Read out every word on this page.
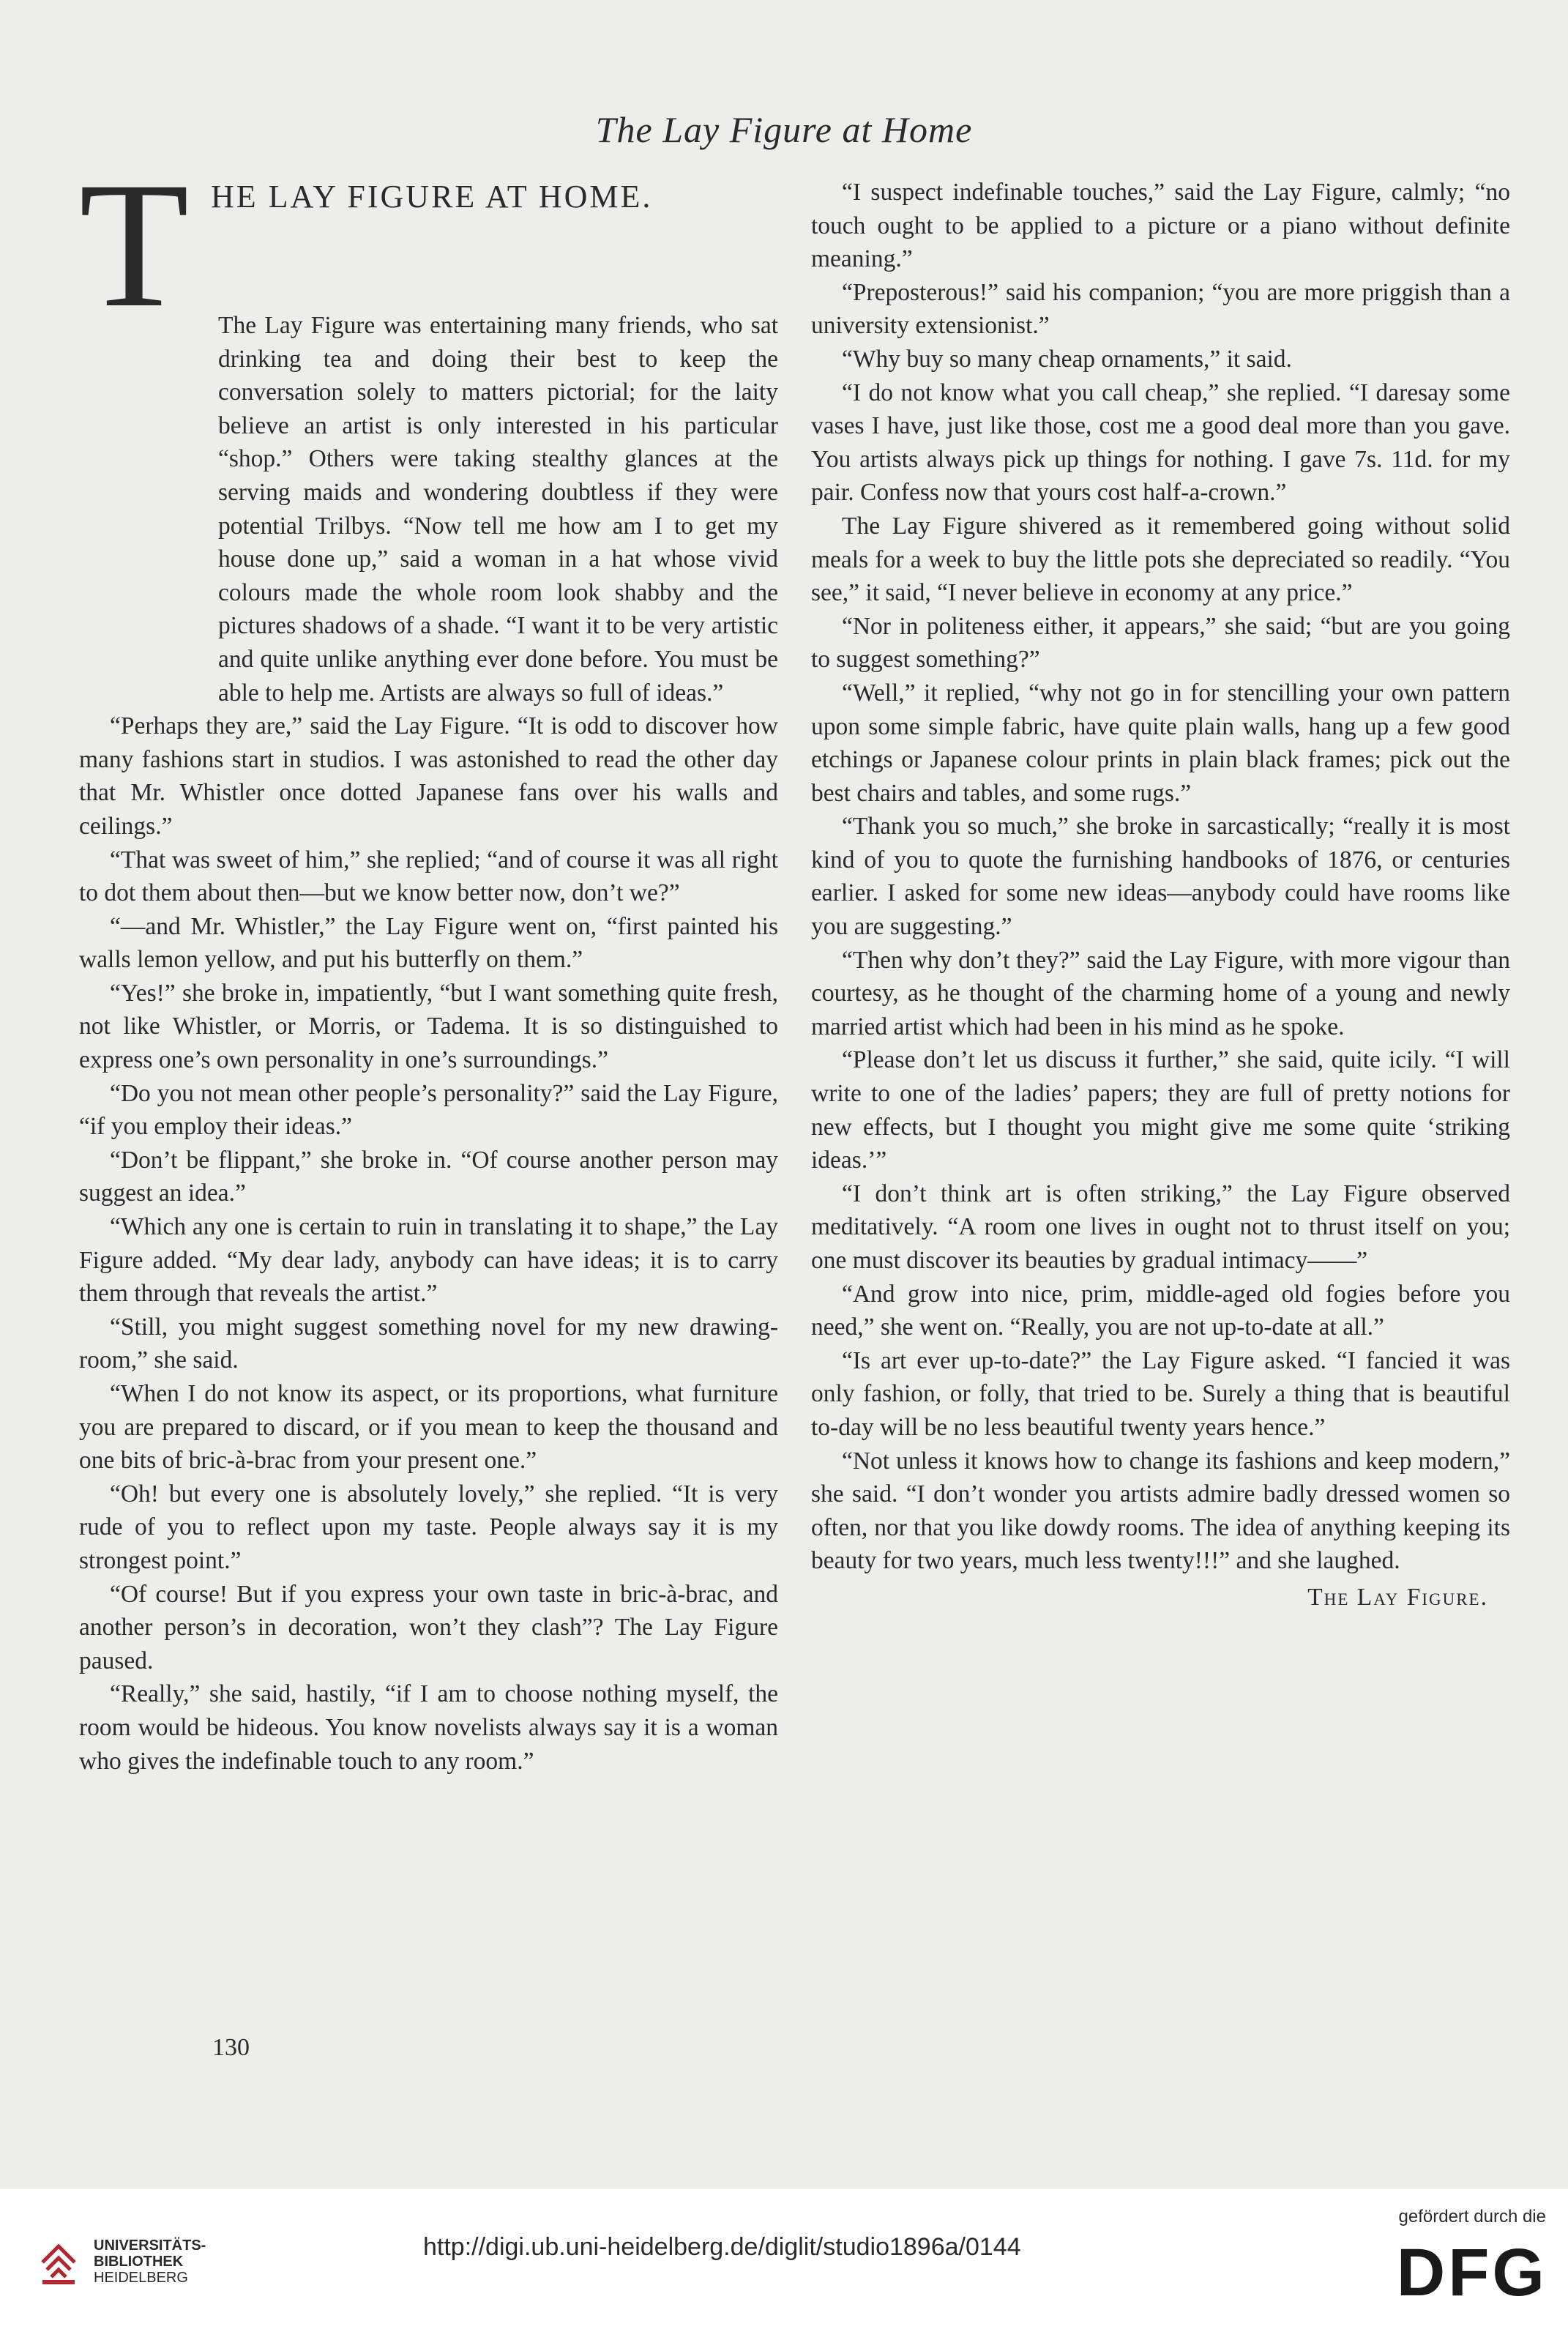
The Lay Figure at Home
T HE LAY FIGURE AT HOME.

The Lay Figure was entertaining many friends, who sat drinking tea and doing their best to keep the conversation solely to matters pictorial; for the laity believe an artist is only interested in his particular “shop.” Others were taking stealthy glances at the serving maids and wondering doubtless if they were potential Trilbys. “Now tell me how am I to get my house done up,” said a woman in a hat whose vivid colours made the whole room look shabby and the pictures shadows of a shade. “I want it to be very artistic and quite unlike anything ever done before. You must be able to help me. Artists are always so full of ideas.”

“Perhaps they are,” said the Lay Figure. “It is odd to discover how many fashions start in studios. I was astonished to read the other day that Mr. Whistler once dotted Japanese fans over his walls and ceilings.”

“That was sweet of him,” she replied; “and of course it was all right to dot them about then—but we know better now, don’t we?”

“—and Mr. Whistler,” the Lay Figure went on, “first painted his walls lemon yellow, and put his butterfly on them.”

“Yes!” she broke in, impatiently, “but I want something quite fresh, not like Whistler, or Morris, or Tadema. It is so distinguished to express one’s own personality in one’s surroundings.”

“Do you not mean other people’s personality?” said the Lay Figure, “if you employ their ideas.”

“Don’t be flippant,” she broke in. “Of course another person may suggest an idea.”

“Which any one is certain to ruin in translating it to shape,” the Lay Figure added. “My dear lady, anybody can have ideas; it is to carry them through that reveals the artist.”

“Still, you might suggest something novel for my new drawing-room,” she said.

“When I do not know its aspect, or its proportions, what furniture you are prepared to discard, or if you mean to keep the thousand and one bits of bric-à-brac from your present one.”

“Oh! but every one is absolutely lovely,” she replied. “It is very rude of you to reflect upon my taste. People always say it is my strongest point.”

“Of course! But if you express your own taste in bric-à-brac, and another person’s in decoration, won’t they clash”? The Lay Figure paused.

“Really,” she said, hastily, “if I am to choose nothing myself, the room would be hideous. You know novelists always say it is a woman who gives the indefinable touch to any room.”

“I suspect indefinable touches,” said the Lay Figure, calmly; “no touch ought to be applied to a picture or a piano without definite meaning.”

“Preposterous!” said his companion; “you are more priggish than a university extensionist.”

“Why buy so many cheap ornaments,” it said.

“I do not know what you call cheap,” she replied. “I daresay some vases I have, just like those, cost me a good deal more than you gave. You artists always pick up things for nothing. I gave 7s. 11d. for my pair. Confess now that yours cost half-a-crown.”

The Lay Figure shivered as it remembered going without solid meals for a week to buy the little pots she depreciated so readily. “You see,” it said, “I never believe in economy at any price.”

“Nor in politeness either, it appears,” she said; “but are you going to suggest something?”

“Well,” it replied, “why not go in for stencilling your own pattern upon some simple fabric, have quite plain walls, hang up a few good etchings or Japanese colour prints in plain black frames; pick out the best chairs and tables, and some rugs.”

“Thank you so much,” she broke in sarcastically; “really it is most kind of you to quote the furnishing handbooks of 1876, or centuries earlier. I asked for some new ideas—anybody could have rooms like you are suggesting.”

“Then why don’t they?” said the Lay Figure, with more vigour than courtesy, as he thought of the charming home of a young and newly married artist which had been in his mind as he spoke.

“Please don’t let us discuss it further,” she said, quite icily. “I will write to one of the ladies’ papers; they are full of pretty notions for new effects, but I thought you might give me some quite ‘striking ideas.’”

“I don’t think art is often striking,” the Lay Figure observed meditatively. “A room one lives in ought not to thrust itself on you; one must discover its beauties by gradual intimacy——”

“And grow into nice, prim, middle-aged old fogies before you need,” she went on. “Really, you are not up-to-date at all.”

“Is art ever up-to-date?” the Lay Figure asked. “I fancied it was only fashion, or folly, that tried to be. Surely a thing that is beautiful to-day will be no less beautiful twenty years hence.”

“Not unless it knows how to change its fashions and keep modern,” she said. “I don’t wonder you artists admire badly dressed women so often, nor that you like dowdy rooms. The idea of anything keeping its beauty for two years, much less twenty!!!” and she laughed.

The Lay Figure.
130
UNIVERSITÄTS-
BIBLIOTHEK
HEIDELBERG
http://digi.ub.uni-heidelberg.de/diglit/studio1896a/0144
gefördert durch die
DFG
